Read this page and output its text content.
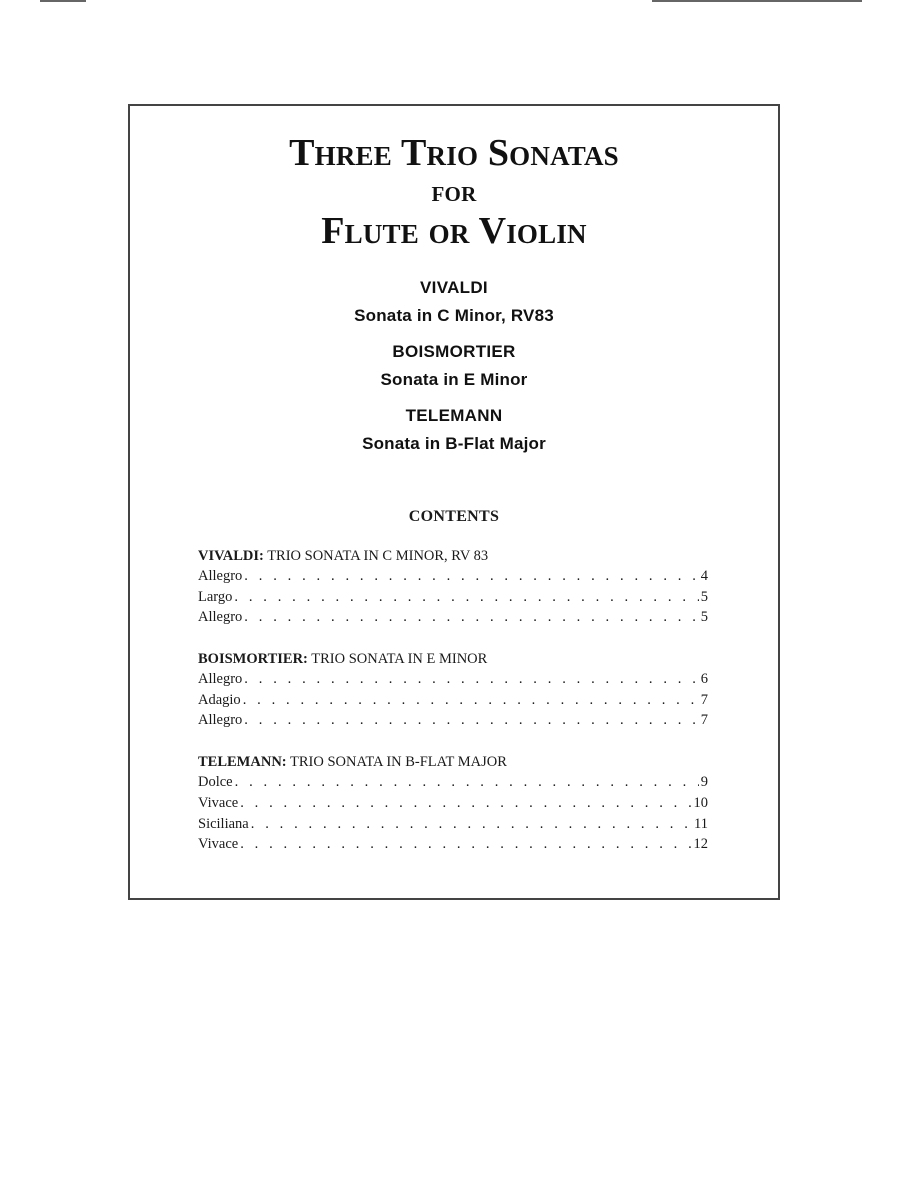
Three Trio Sonatas
for
Flute or Violin
VIVALDI
Sonata in C Minor, RV83
BOISMORTIER
Sonata in E Minor
TELEMANN
Sonata in B-Flat Major
CONTENTS
VIVALDI: TRIO SONATA IN C MINOR, RV 83
Allegro . . .	4
Largo . . .	5
Allegro . . .	5
BOISMORTIER: TRIO SONATA IN E MINOR
Allegro . . .	6
Adagio . . .	7
Allegro . . .	7
TELEMANN: TRIO SONATA IN B-FLAT MAJOR
Dolce . . .	9
Vivace . . .	10
Siciliana . . .	11
Vivace . . .	12
